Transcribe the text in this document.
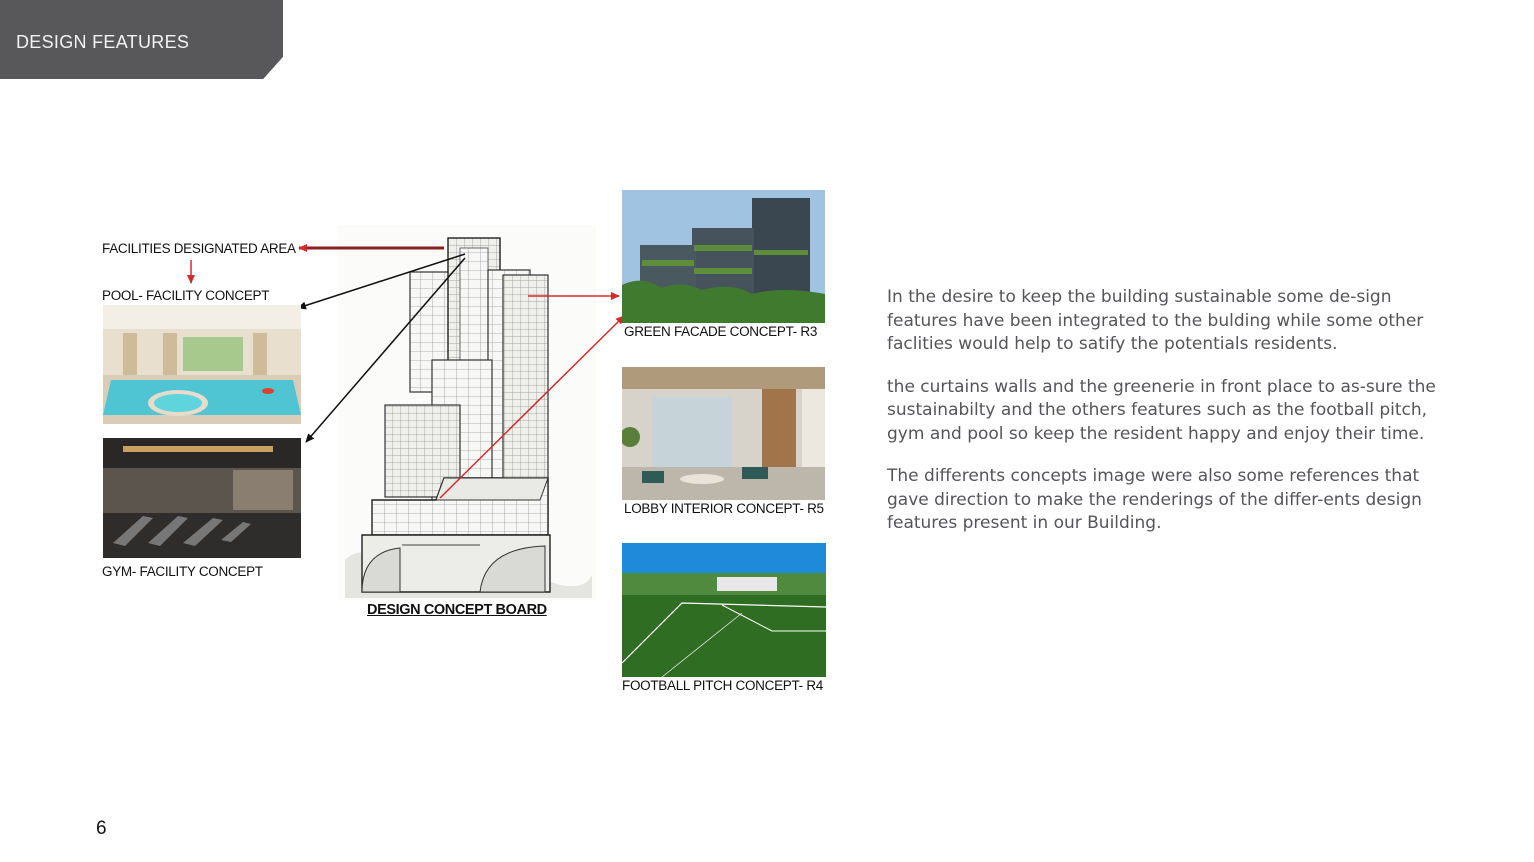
DESIGN FEATURES
FACILITIES DESIGNATED AREA
POOL- FACILITY CONCEPT
GYM- FACILITY CONCEPT
GREEN FACADE CONCEPT- R3
LOBBY INTERIOR CONCEPT- R5
FOOTBALL PITCH CONCEPT- R4
DESIGN CONCEPT BOARD

In the desire to keep the building sustainable some de-sign features have been integrated to the bulding while some other faclities would help to satify the potentials residents.

the curtains walls and the greenerie in front place to as-sure the sustainabilty and the others features such as the football pitch, gym and pool so keep the resident happy and enjoy their time.

The differents concepts image were also some references that gave direction to make the renderings of the differ-ents design features present in our Building.

6
